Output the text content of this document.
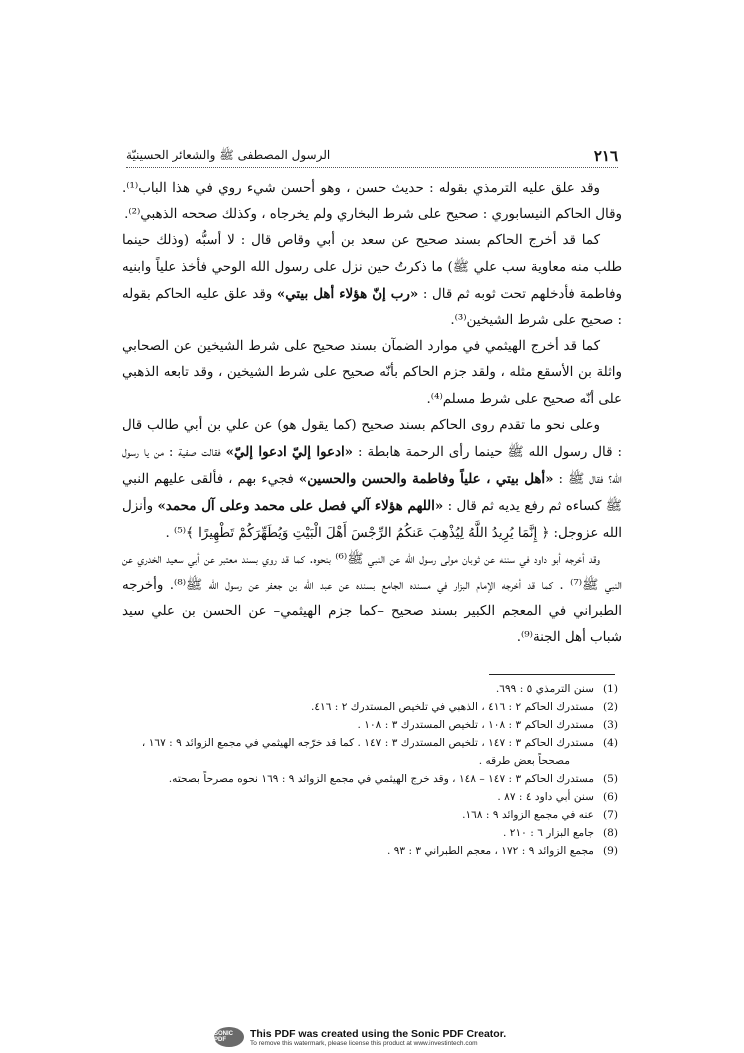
٢١٦
الرسول المصطفى ﷺ والشعائر الحسينيّة

وقد علق عليه الترمذي بقوله : حديث حسن ، وهو أحسن شيء روي في هذا الباب⁽¹⁾. وقال الحاكم النيسابوري : صحيح على شرط البخاري ولم يخرجاه ، وكذلك صححه الذهبي⁽²⁾.

كما قد أخرج الحاكم بسند صحيح عن سعد بن أبي وقاص قال : لا أسبُّه (وذلك حينما طلب منه معاوية سب علي ﷺ) ما ذكرتُ حين نزل على رسول الله الوحي فأخذ علياً وابنيه وفاطمة فأدخلهم تحت ثوبه ثم قال : «رب إنّ هؤلاء أهل بيتي» وقد علق عليه الحاكم بقوله : صحيح على شرط الشيخين⁽³⁾.

كما قد أخرج الهيثمي في موارد الضمآن بسند صحيح على شرط الشيخين عن الصحابي واثلة بن الأسقع مثله ، ولقد جزم الحاكم بأنّه صحيح على شرط الشيخين ، وقد تابعه الذهبي على أنّه صحيح على شرط مسلم⁽⁴⁾.

وعلى نحو ما تقدم روى الحاكم بسند صحيح (كما يقول هو) عن علي بن أبي طالب قال : قال رسول الله ﷺ حينما رأى الرحمة هابطة : «ادعوا إليّ ادعوا إليّ» فقالت صفية : من يا رسول الله؟ فقال ﷺ : «أهل بيتي ، علياً وفاطمة والحسن والحسين» فجيء بهم ، فألقى عليهم النبي ﷺ كساءه ثم رفع يديه ثم قال : «اللهم هؤلاء آلي فصل على محمد وعلى آل محمد» وأنزل الله عزوجل: ﴿ إِنَّمَا يُرِيدُ اللَّهُ لِيُذْهِبَ عَنكُمُ الرِّجْسَ أَهْلَ الْبَيْتِ وَيُطَهِّرَكُمْ تَطْهِيرًا ﴾⁽⁵⁾ .

وقد أخرجه أبو داود في سننه عن ثوبان مولى رسول الله عن النبي ﷺ⁽⁶⁾ بنحوه. كما قد روي بسند معتبر عن أبي سعيد الخدري عن النبي ﷺ⁽⁷⁾ . كما قد أخرجه الإمام البزار في مسنده الجامع بسنده عن عبد الله بن جعفر عن رسول الله ﷺ⁽⁸⁾. وأخرجه الطبراني في المعجم الكبير بسند صحيح –كما جزم الهيثمي– عن الحسن بن علي سيد شباب أهل الجنة⁽⁹⁾.

(1)
سنن الترمذي ٥ : ٦٩٩.
(2)
مستدرك الحاكم ٢ : ٤١٦ ، الذهبي في تلخيص المستدرك ٢ : ٤١٦.
(3)
مستدرك الحاكم ٣ : ١٠٨ ، تلخيص المستدرك ٣ : ١٠٨ .
(4)
مستدرك الحاكم ٣ : ١٤٧ ، تلخيص المستدرك ٣ : ١٤٧ . كما قد خرّجه الهيثمي في مجمع الزوائد ٩ : ١٦٧ ،
مصححاً بعض طرقه .
(5)
مستدرك الحاكم ٣ : ١٤٧ – ١٤٨ ، وقد خرج الهيثمي في مجمع الزوائد ٩ : ١٦٩ نحوه مصرحاً بصحته.
(6)
سنن أبي داود ٤ : ٨٧ .
(7)
عنه في مجمع الزوائد ٩ : ١٦٨.
(8)
جامع البزار ٦ : ٢١٠ .
(9)
مجمع الزوائد ٩ : ١٧٢ ، معجم الطبراني ٣ : ٩٣ .
SONIC PDF
This PDF was created using the Sonic PDF Creator.
To remove this watermark, please license this product at www.investintech.com
